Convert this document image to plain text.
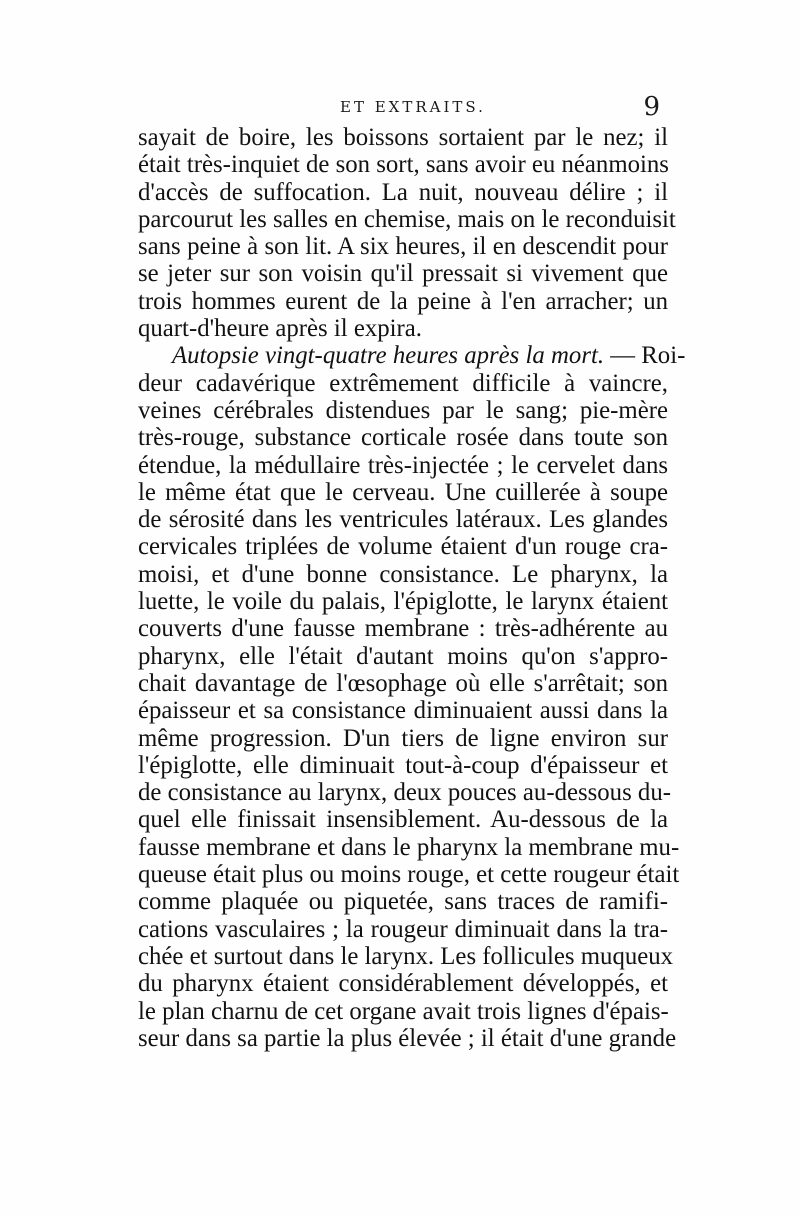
ET EXTRAITS.	9
sayait de boire, les boissons sortaient par le nez; il
était très-inquiet de son sort, sans avoir eu néanmoins
d'accès de suffocation. La nuit, nouveau délire ; il
parcourut les salles en chemise, mais on le reconduisit
sans peine à son lit. A six heures, il en descendit pour
se jeter sur son voisin qu'il pressait si vivement que
trois hommes eurent de la peine à l'en arracher; un
quart-d'heure après il expira.
Autopsie vingt-quatre heures après la mort. — Roi-
deur cadavérique extrêmement difficile à vaincre,
veines cérébrales distendues par le sang; pie-mère
très-rouge, substance corticale rosée dans toute son
étendue, la médullaire très-injectée ; le cervelet dans
le même état que le cerveau. Une cuillerée à soupe
de sérosité dans les ventricules latéraux. Les glandes
cervicales triplées de volume étaient d'un rouge cra-
moisi, et d'une bonne consistance. Le pharynx, la
luette, le voile du palais, l'épiglotte, le larynx étaient
couverts d'une fausse membrane : très-adhérente au
pharynx, elle l'était d'autant moins qu'on s'appro-
chait davantage de l'œsophage où elle s'arrêtait; son
épaisseur et sa consistance diminuaient aussi dans la
même progression. D'un tiers de ligne environ sur
l'épiglotte, elle diminuait tout-à-coup d'épaisseur et
de consistance au larynx, deux pouces au-dessous du-
quel elle finissait insensiblement. Au-dessous de la
fausse membrane et dans le pharynx la membrane mu-
queuse était plus ou moins rouge, et cette rougeur était
comme plaquée ou piquetée, sans traces de ramifi-
cations vasculaires ; la rougeur diminuait dans la tra-
chée et surtout dans le larynx. Les follicules muqueux
du pharynx étaient considérablement développés, et
le plan charnu de cet organe avait trois lignes d'épais-
seur dans sa partie la plus élevée ; il était d'une grande
